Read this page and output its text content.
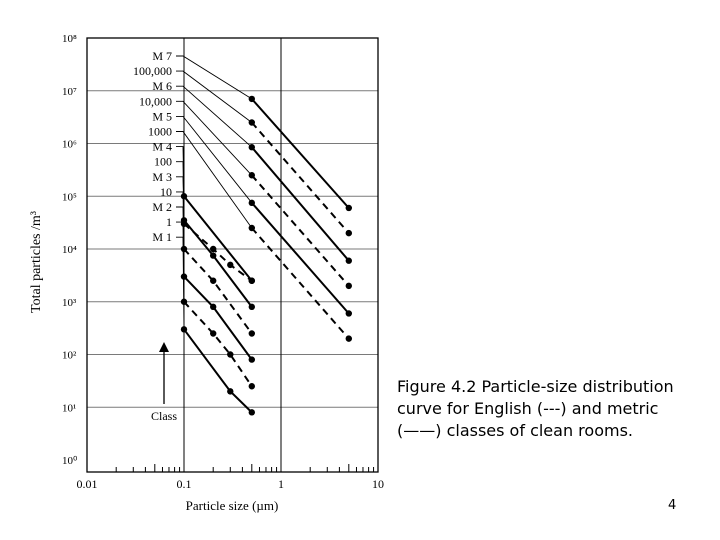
10⁰
10¹
10²
10³
10⁴
10⁵
10⁶
10⁷
10⁸
0.01	0.1	1	10
Particle size (µm)
Total particles /m³
M 7
100,000
M 6
10,000
M 5
1000
M 4
100
M 3
10
M 2
1
M 1
Class
Figure 4.2 Particle-size distribution
curve for English (---) and metric
(——) classes of clean rooms.
4
